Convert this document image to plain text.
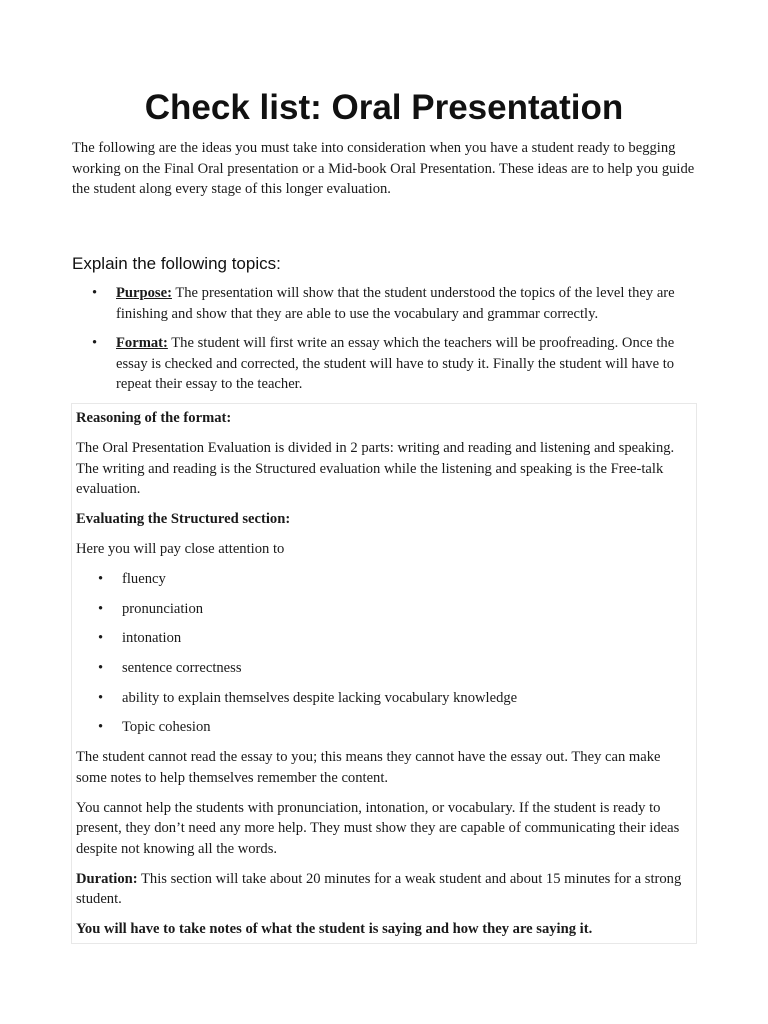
Check list: Oral Presentation

The following are the ideas you must take into consideration when you have a student ready to begging working on the Final Oral presentation or a Mid-book Oral Presentation. These ideas are to help you guide the student along every stage of this longer evaluation.

Explain the following topics:
• Purpose: The presentation will show that the student understood the topics of the level they are finishing and show that they are able to use the vocabulary and grammar correctly.
• Format: The student will first write an essay which the teachers will be proofreading. Once the essay is checked and corrected, the student will have to study it. Finally the student will have to repeat their essay to the teacher.

Reasoning of the format:

The Oral Presentation Evaluation is divided in 2 parts: writing and reading and listening and speaking. The writing and reading is the Structured evaluation while the listening and speaking is the Free-talk evaluation.

Evaluating the Structured section:

Here you will pay close attention to

• fluency
• pronunciation
• intonation
• sentence correctness
• ability to explain themselves despite lacking vocabulary knowledge
• Topic cohesion

The student cannot read the essay to you; this means they cannot have the essay out. They can make some notes to help themselves remember the content.

You cannot help the students with pronunciation, intonation, or vocabulary. If the student is ready to present, they don’t need any more help. They must show they are capable of communicating their ideas despite not knowing all the words.

Duration: This section will take about 20 minutes for a weak student and about 15 minutes for a strong student.

You will have to take notes of what the student is saying and how they are saying it.
